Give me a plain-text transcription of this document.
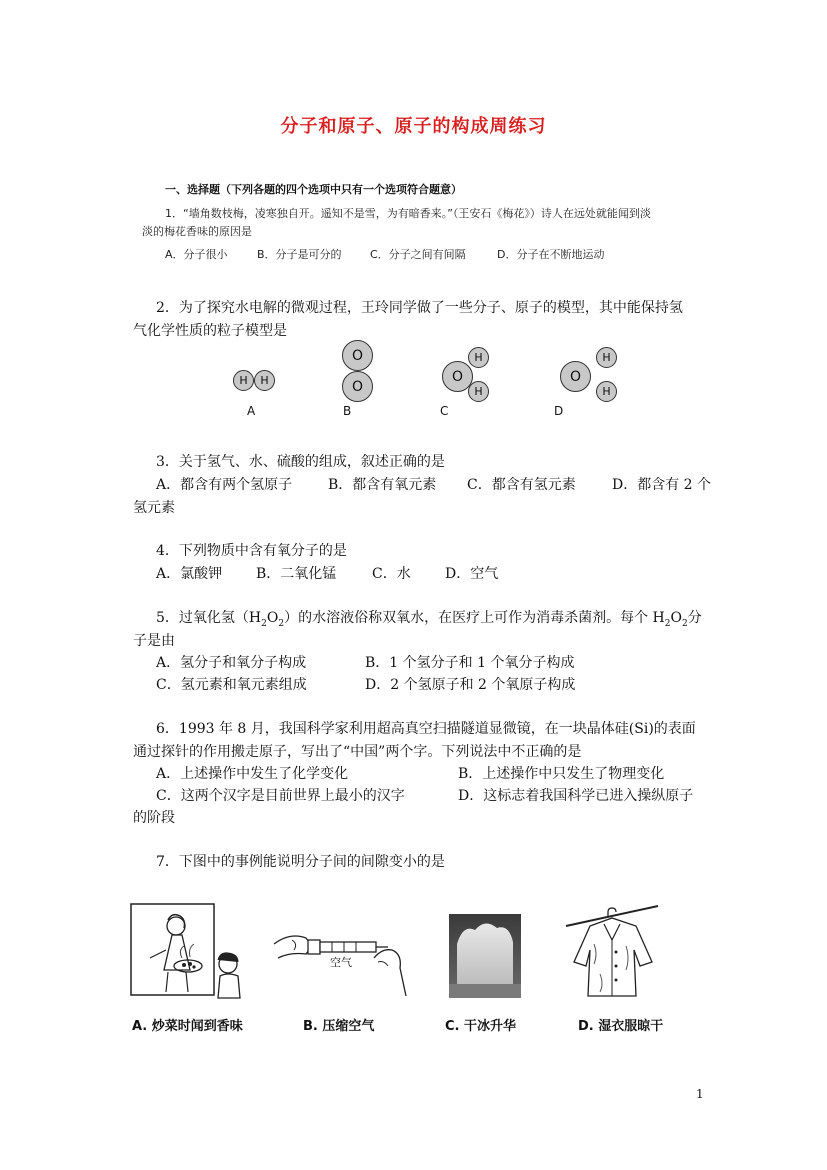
分子和原子、原子的构成周练习
一、选择题（下列各题的四个选项中只有一个选项符合题意）
1．“墙角数枝梅，凌寒独自开。遥知不是雪，为有暗香来。”（王安石《梅花》）诗人在远处就能闻到淡
淡的梅花香味的原因是
A．分子很小	B．分子是可分的	C．分子之间有间隔	D．分子在不断地运动
2．为了探究水电解的微观过程，王玲同学做了一些分子、原子的模型，其中能保持氢
气化学性质的粒子模型是
H	H
A
O
O
B
O
H
H
C
O
H
H
D
3．关于氢气、水、硫酸的组成，叙述正确的是
A．都含有两个氢原子	B．都含有氧元素 C．都含有氢元素	D．都含有 2 个
氢元素
4．下列物质中含有氧分子的是
A．氯酸钾 B．二氧化锰	C．水 D．空气
5．过氧化氢$(H_2O_2)$的水溶液俗称双氧水，在医疗上可作为消毒杀菌剂。每个 $H_2O_2$分
子是由
A．氢分子和氧分子构成	B．1 个氢分子和 1 个氧分子构成
C．氢元素和氧元素组成	D．2 个氢原子和 2 个氧原子构成
6．1993 年 8 月，我国科学家利用超高真空扫描隧道显微镜，在一块晶体硅(Si)的表面
通过探针的作用搬走原子，写出了“中国”两个字。下列说法中不正确的是
A．上述操作中发生了化学变化	B．上述操作中只发生了物理变化
C．这两个汉字是目前世界上最小的汉字	D．这标志着我国科学已进入操纵原子
的阶段
7．下图中的事例能说明分子间的间隙变小的是
空气
A. 炒菜时闻到香味	B. 压缩空气	C. 干冰升华	D. 湿衣服晾干
1
